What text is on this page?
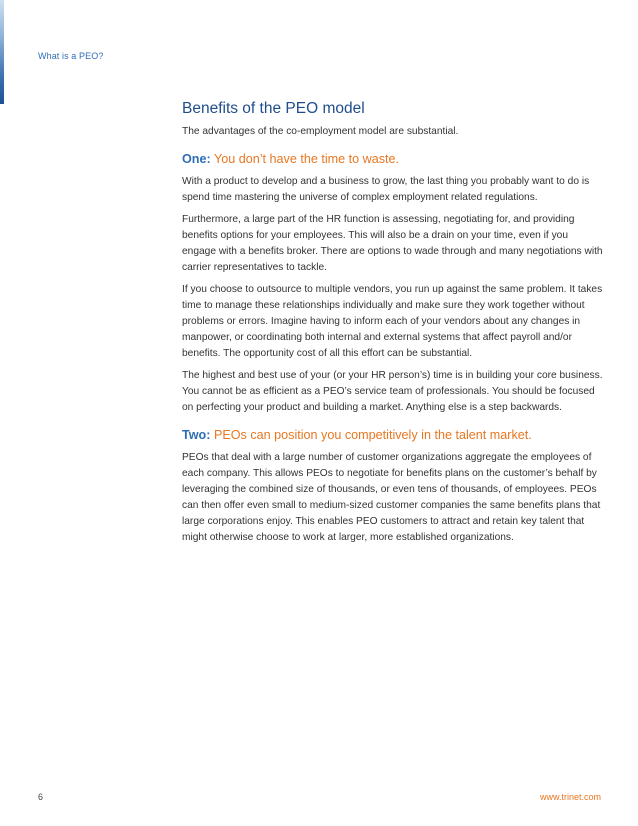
What is a PEO?
Benefits of the PEO model

The advantages of the co-employment model are substantial.

One: You don’t have the time to waste.

With a product to develop and a business to grow, the last thing you probably want to do is spend time mastering the universe of complex employment related regulations.

Furthermore, a large part of the HR function is assessing, negotiating for, and providing benefits options for your employees. This will also be a drain on your time, even if you engage with a benefits broker. There are options to wade through and many negotiations with carrier representatives to tackle.

If you choose to outsource to multiple vendors, you run up against the same problem. It takes time to manage these relationships individually and make sure they work together without problems or errors. Imagine having to inform each of your vendors about any changes in manpower, or coordinating both internal and external systems that affect payroll and/or benefits. The opportunity cost of all this effort can be substantial.

The highest and best use of your (or your HR person’s) time is in building your core business. You cannot be as efficient as a PEO’s service team of professionals. You should be focused on perfecting your product and building a market. Anything else is a step backwards.

Two: PEOs can position you competitively in the talent market.

PEOs that deal with a large number of customer organizations aggregate the employees of each company. This allows PEOs to negotiate for benefits plans on the customer’s behalf by leveraging the combined size of thousands, or even tens of thousands, of employees. PEOs can then offer even small to medium-sized customer companies the same benefits plans that large corporations enjoy. This enables PEO customers to attract and retain key talent that might otherwise choose to work at larger, more established organizations.

6	www.trinet.com
